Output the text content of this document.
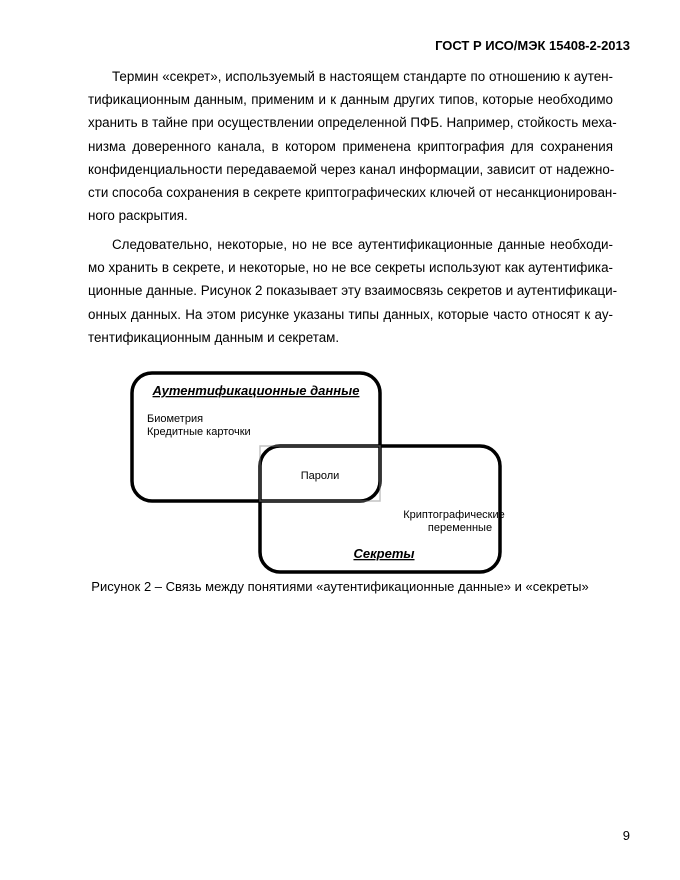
ГОСТ Р ИСО/МЭК 15408-2-2013
Термин «секрет», используемый в настоящем стандарте по отношению к аутен-
тификационным данным, применим и к данным других типов, которые необходимо
хранить в тайне при осуществлении определенной ПФБ. Например, стойкость меха-
низма доверенного канала, в котором применена криптография для сохранения
конфиденциальности передаваемой через канал информации, зависит от надежно-
сти способа сохранения в секрете криптографических ключей от несанкционирован-
ного раскрытия.
Следовательно, некоторые, но не все аутентификационные данные необходи-
мо хранить в секрете, и некоторые, но не все секреты используют как аутентифика-
ционные данные. Рисунок 2 показывает эту взаимосвязь секретов и аутентификаци-
онных данных. На этом рисунке указаны типы данных, которые часто относят к ау-
тентификационным данным и секретам.
Аутентификационные данные
Биометрия
Кредитные карточки
Пароли
Криптографические
переменные
Секреты
Рисунок 2 – Связь между понятиями «аутентификационные данные» и «секреты»
9
